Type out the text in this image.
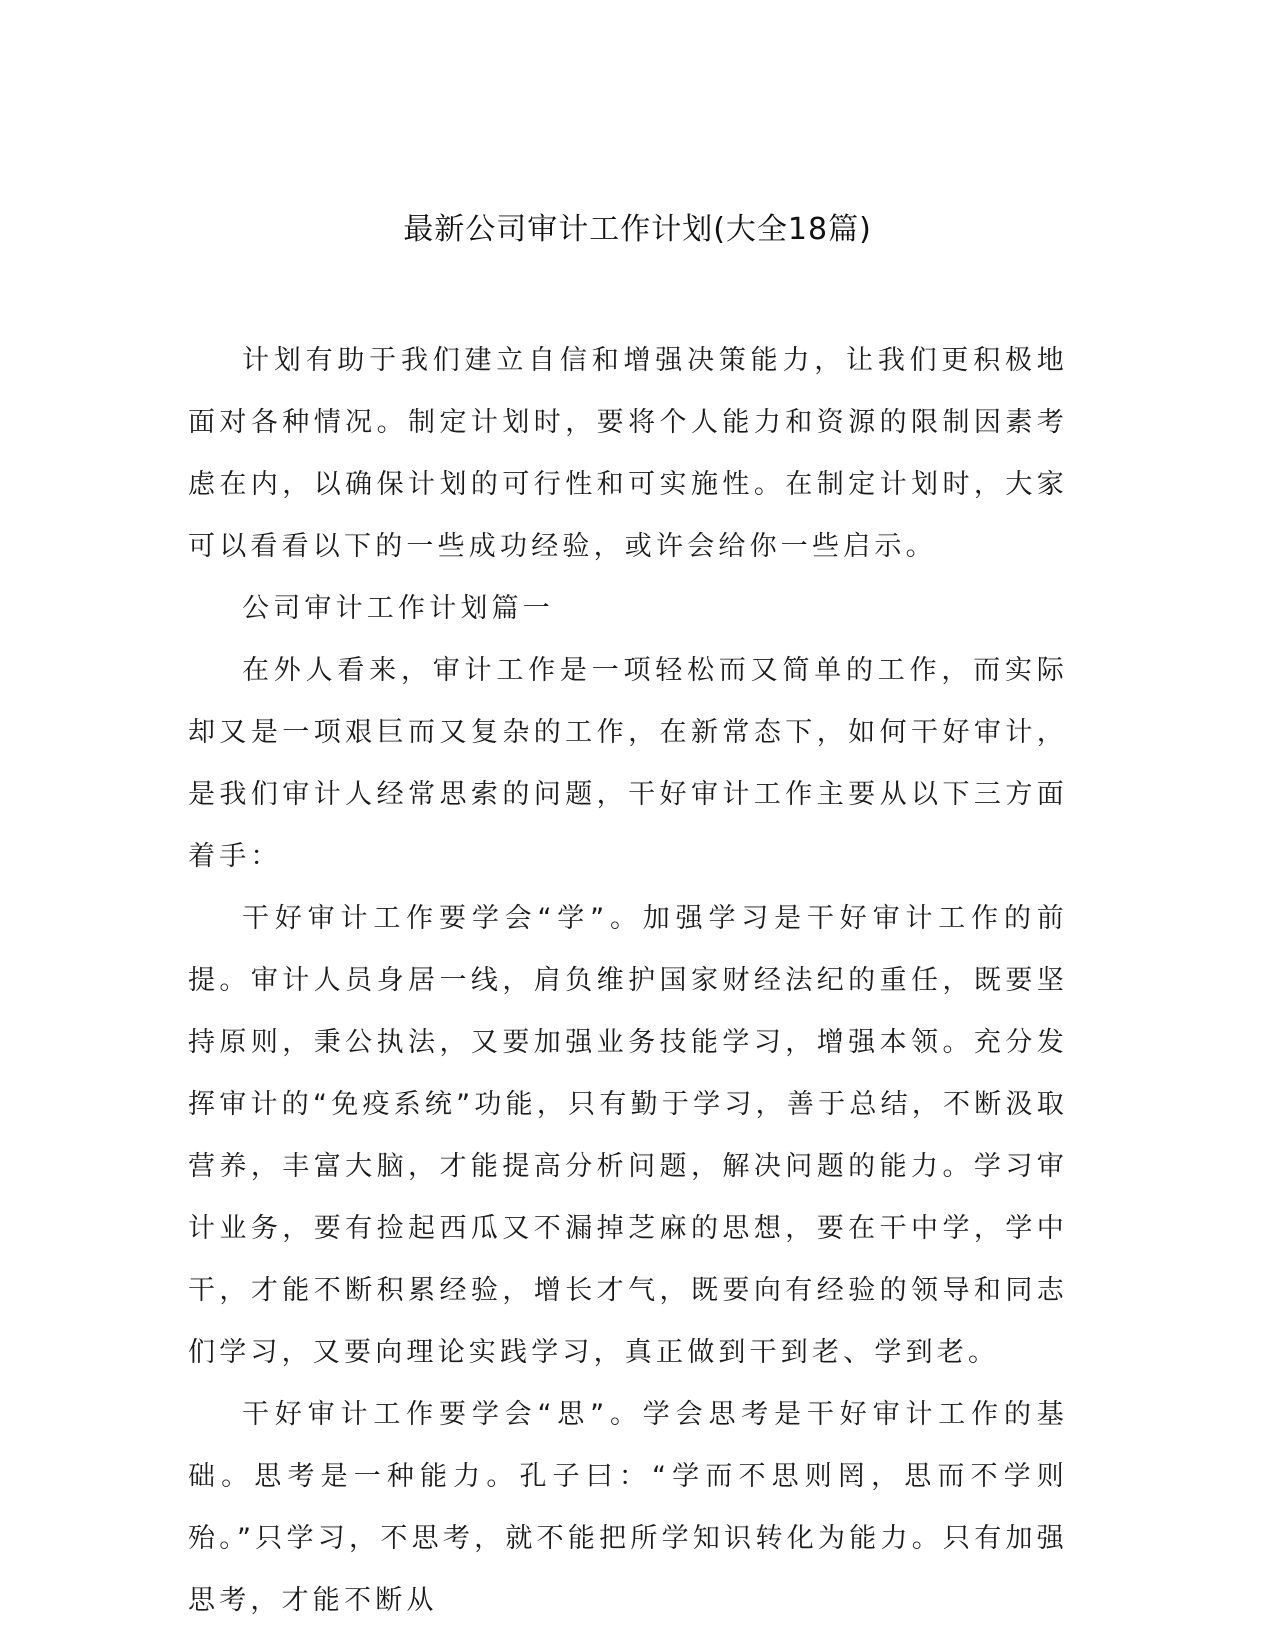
最新公司审计工作计划(大全18篇)

计划有助于我们建立自信和增强决策能力，让我们更积极地面对各种情况。制定计划时，要将个人能力和资源的限制因素考虑在内，以确保计划的可行性和可实施性。在制定计划时，大家可以看看以下的一些成功经验，或许会给你一些启示。

公司审计工作计划篇一

在外人看来，审计工作是一项轻松而又简单的工作，而实际却又是一项艰巨而又复杂的工作，在新常态下，如何干好审计，是我们审计人经常思索的问题，干好审计工作主要从以下三方面着手：

干好审计工作要学会“学”。加强学习是干好审计工作的前提。审计人员身居一线，肩负维护国家财经法纪的重任，既要坚持原则，秉公执法，又要加强业务技能学习，增强本领。充分发挥审计的“免疫系统”功能，只有勤于学习，善于总结，不断汲取营养，丰富大脑，才能提高分析问题，解决问题的能力。学习审计业务，要有捡起西瓜又不漏掉芝麻的思想，要在干中学，学中干，才能不断积累经验，增长才气，既要向有经验的领导和同志们学习，又要向理论实践学习，真正做到干到老、学到老。

干好审计工作要学会“思”。学会思考是干好审计工作的基础。思考是一种能力。孔子曰：“学而不思则罔，思而不学则殆。”只学习，不思考，就不能把所学知识转化为能力。只有加强思考，才能不断从
